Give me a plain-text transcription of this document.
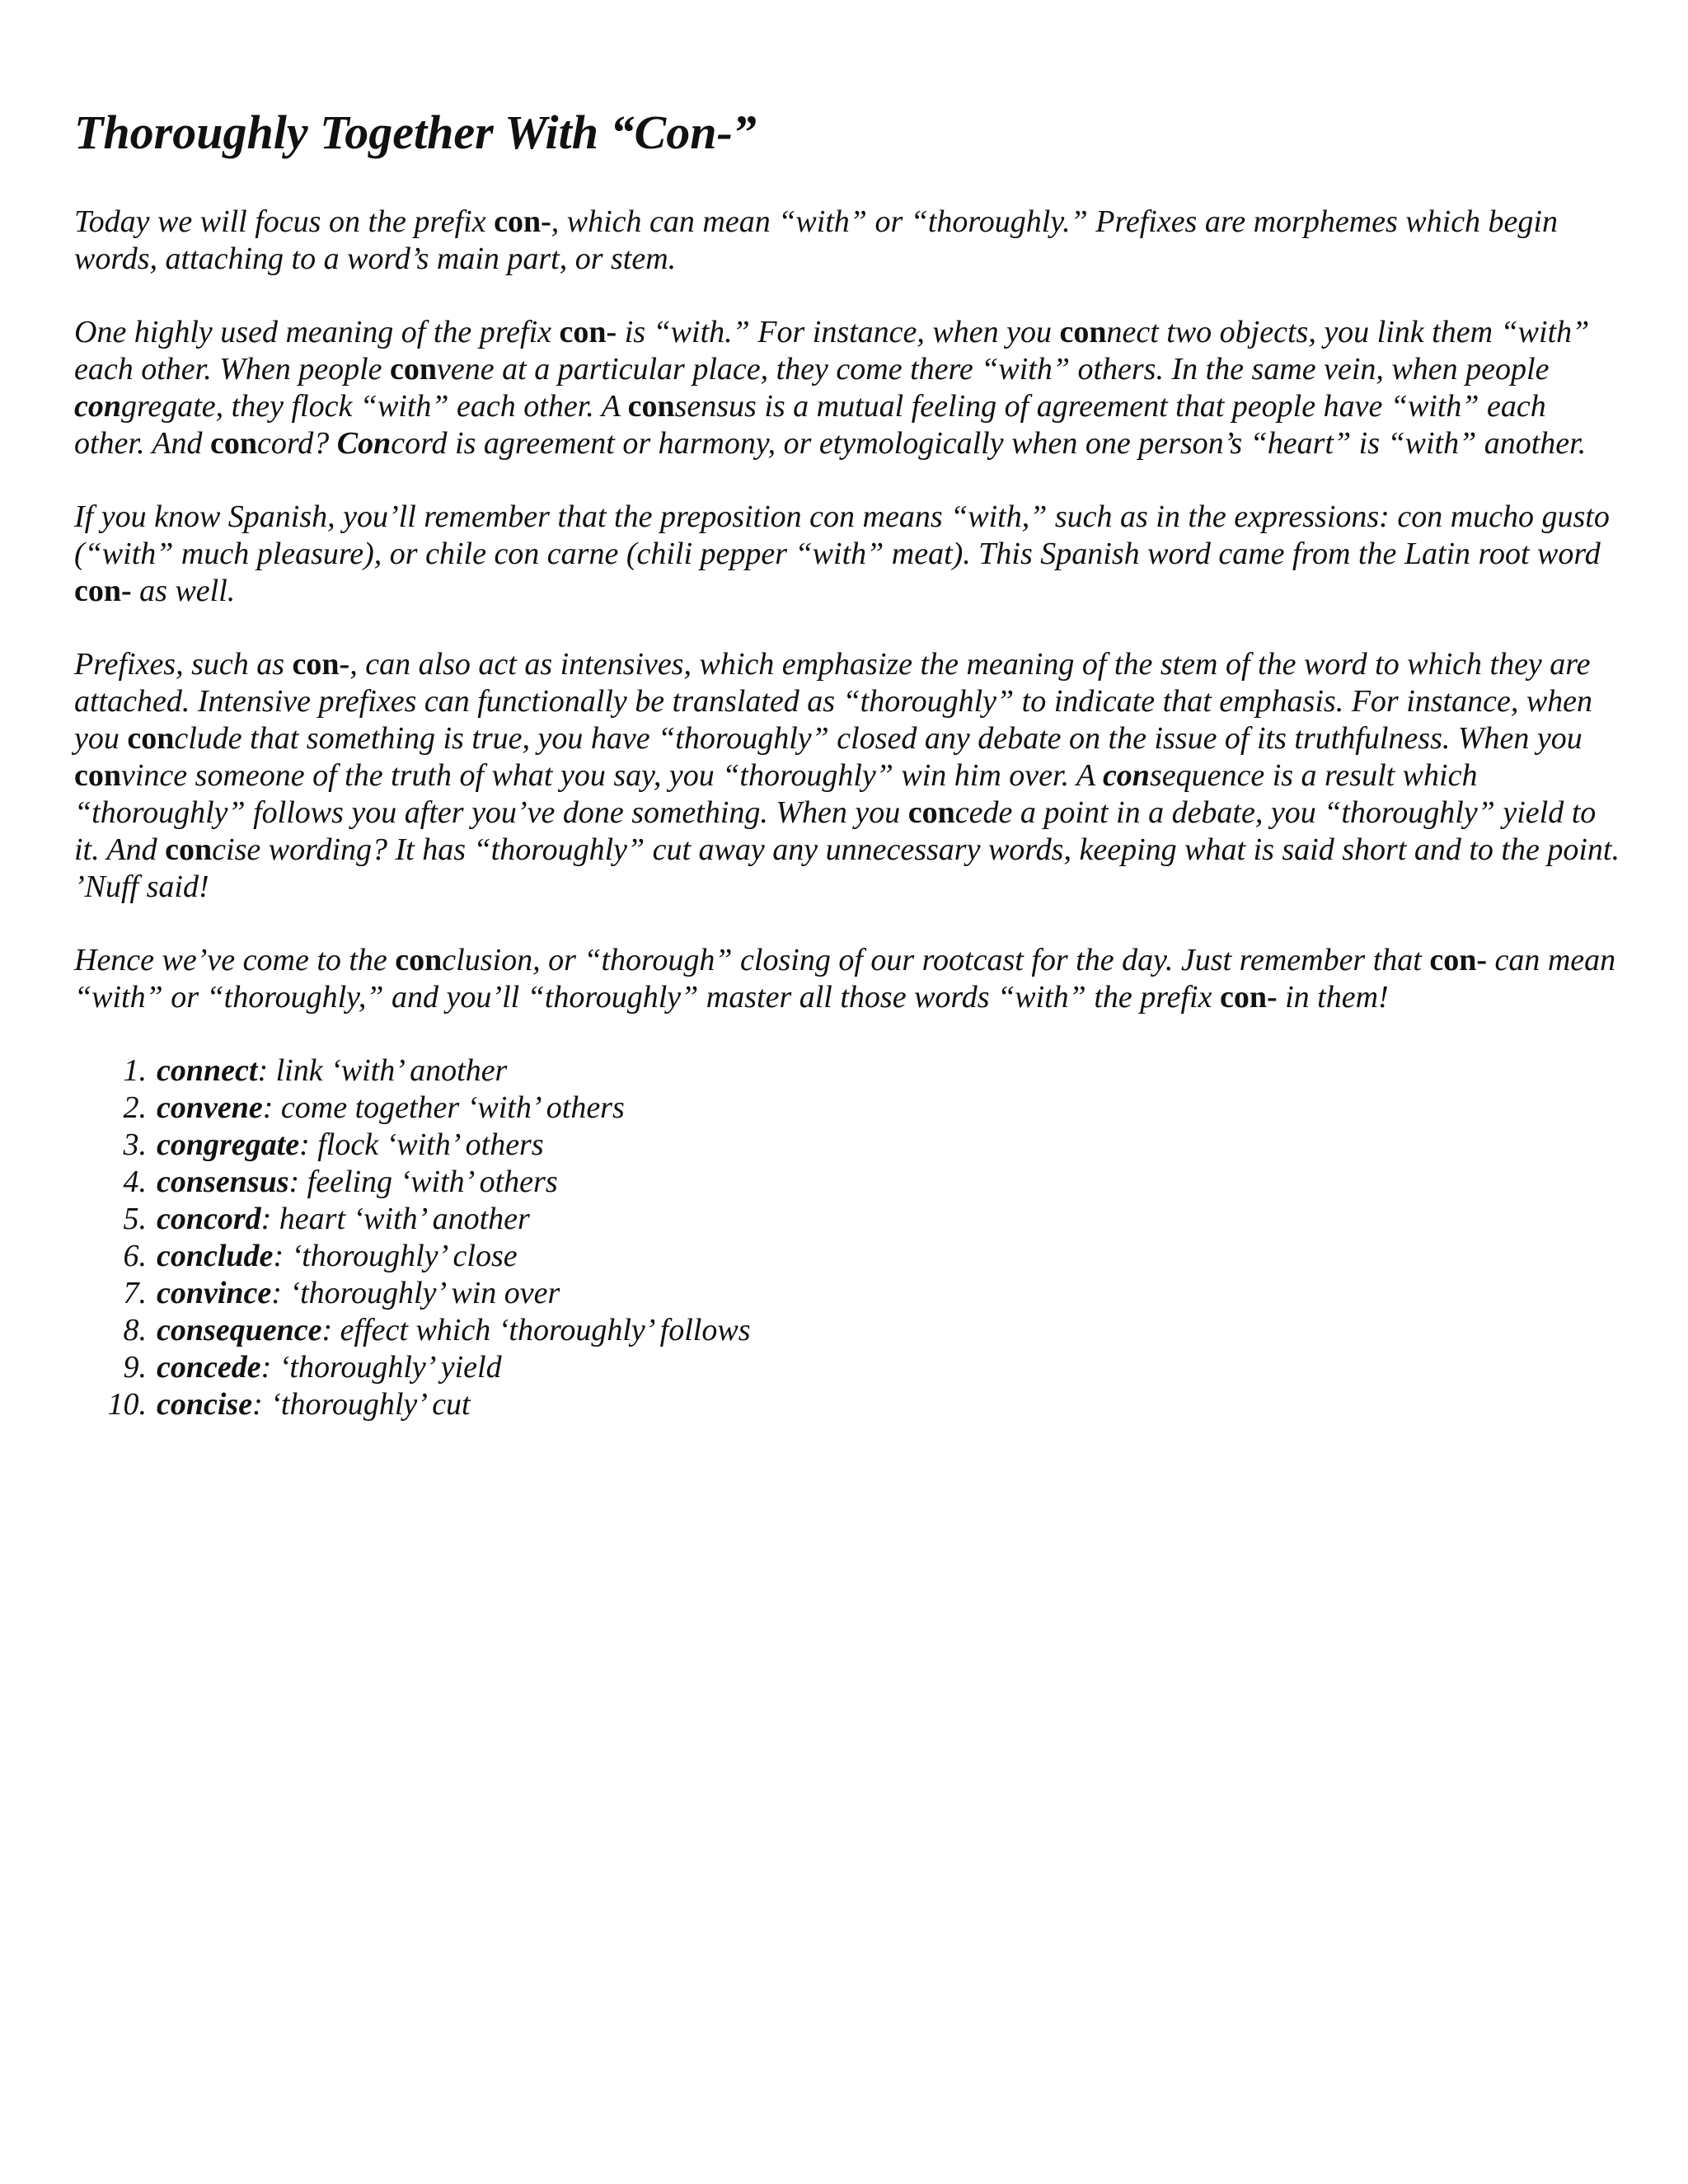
Thoroughly Together With “Con-”

Today we will focus on the prefix con-, which can mean “with” or “thoroughly.” Prefixes are morphemes which begin words, attaching to a word’s main part, or stem.

One highly used meaning of the prefix con- is “with.” For instance, when you connect two objects, you link them “with” each other. When people convene at a particular place, they come there “with” others. In the same vein, when people congregate, they flock “with” each other. A consensus is a mutual feeling of agreement that people have “with” each other. And concord? Concord is agreement or harmony, or etymologically when one person’s “heart” is “with” another.

If you know Spanish, you’ll remember that the preposition con means “with,” such as in the expressions: con mucho gusto (“with” much pleasure), or chile con carne (chili pepper “with” meat). This Spanish word came from the Latin root word con- as well.

Prefixes, such as con-, can also act as intensives, which emphasize the meaning of the stem of the word to which they are attached. Intensive prefixes can functionally be translated as “thoroughly” to indicate that emphasis. For instance, when you conclude that something is true, you have “thoroughly” closed any debate on the issue of its truthfulness. When you convince someone of the truth of what you say, you “thoroughly” win him over. A consequence is a result which “thoroughly” follows you after you’ve done something. When you concede a point in a debate, you “thoroughly” yield to it. And concise wording? It has “thoroughly” cut away any unnecessary words, keeping what is said short and to the point. ’Nuff said!

Hence we’ve come to the conclusion, or “thorough” closing of our rootcast for the day. Just remember that con- can mean “with” or “thoroughly,” and you’ll “thoroughly” master all those words “with” the prefix con- in them!

1. connect: link ‘with’ another
2. convene: come together ‘with’ others
3. congregate: flock ‘with’ others
4. consensus: feeling ‘with’ others
5. concord: heart ‘with’ another
6. conclude: ‘thoroughly’ close
7. convince: ‘thoroughly’ win over
8. consequence: effect which ‘thoroughly’ follows
9. concede: ‘thoroughly’ yield
10. concise: ‘thoroughly’ cut
